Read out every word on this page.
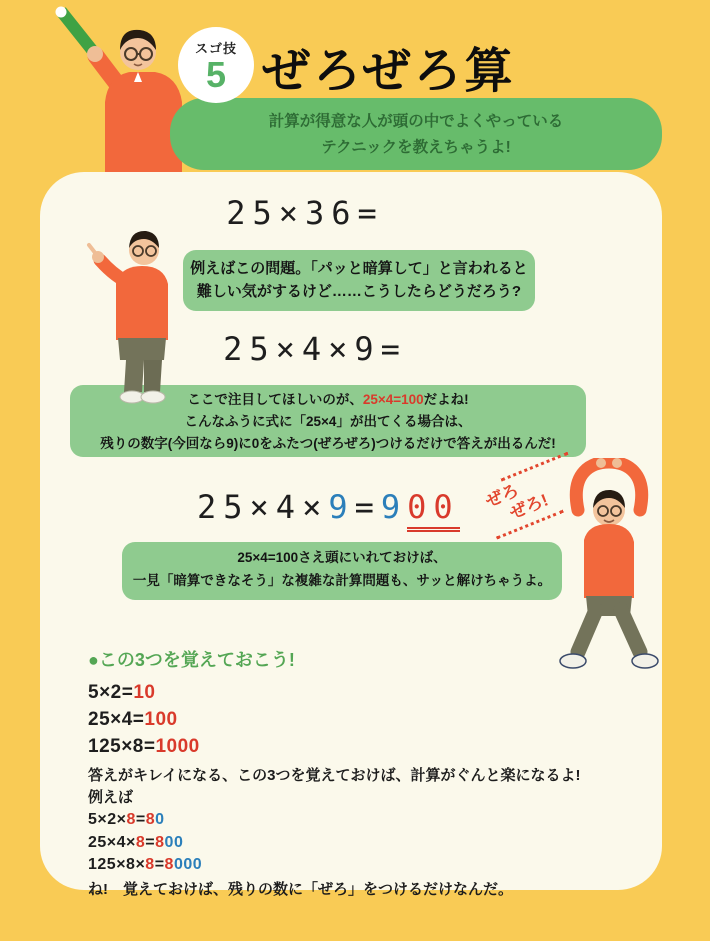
スゴ技
5 ぜろぜろ算
計算が得意な人が頭の中でよくやっている
テクニックを教えちゃうよ!
25×36=
例えばこの問題。「パッと暗算して」と言われると
難しい気がするけど……こうしたらどうだろう?
25×4×9=
ここで注目してほしいのが、25×4=100だよね!
こんなふうに式に「25×4」が出てくる場合は、
残りの数字(今回なら9)に0をふたつ(ぜろぜろ)つけるだけで答えが出るんだ!
25×4×9=900 ぜろ
ぜろ!
25×4=100さえ頭にいれておけば、
一見「暗算できなそう」な複雑な計算問題も、サッと解けちゃうよ。
●この3つを覚えておこう!
5×2=10
25×4=100
125×8=1000
答えがキレイになる、この3つを覚えておけば、計算がぐんと楽になるよ!
例えば
5×2×8=80
25×4×8=800
125×8×8=8000
ね!　覚えておけば、残りの数に「ぜろ」をつけるだけなんだ。
